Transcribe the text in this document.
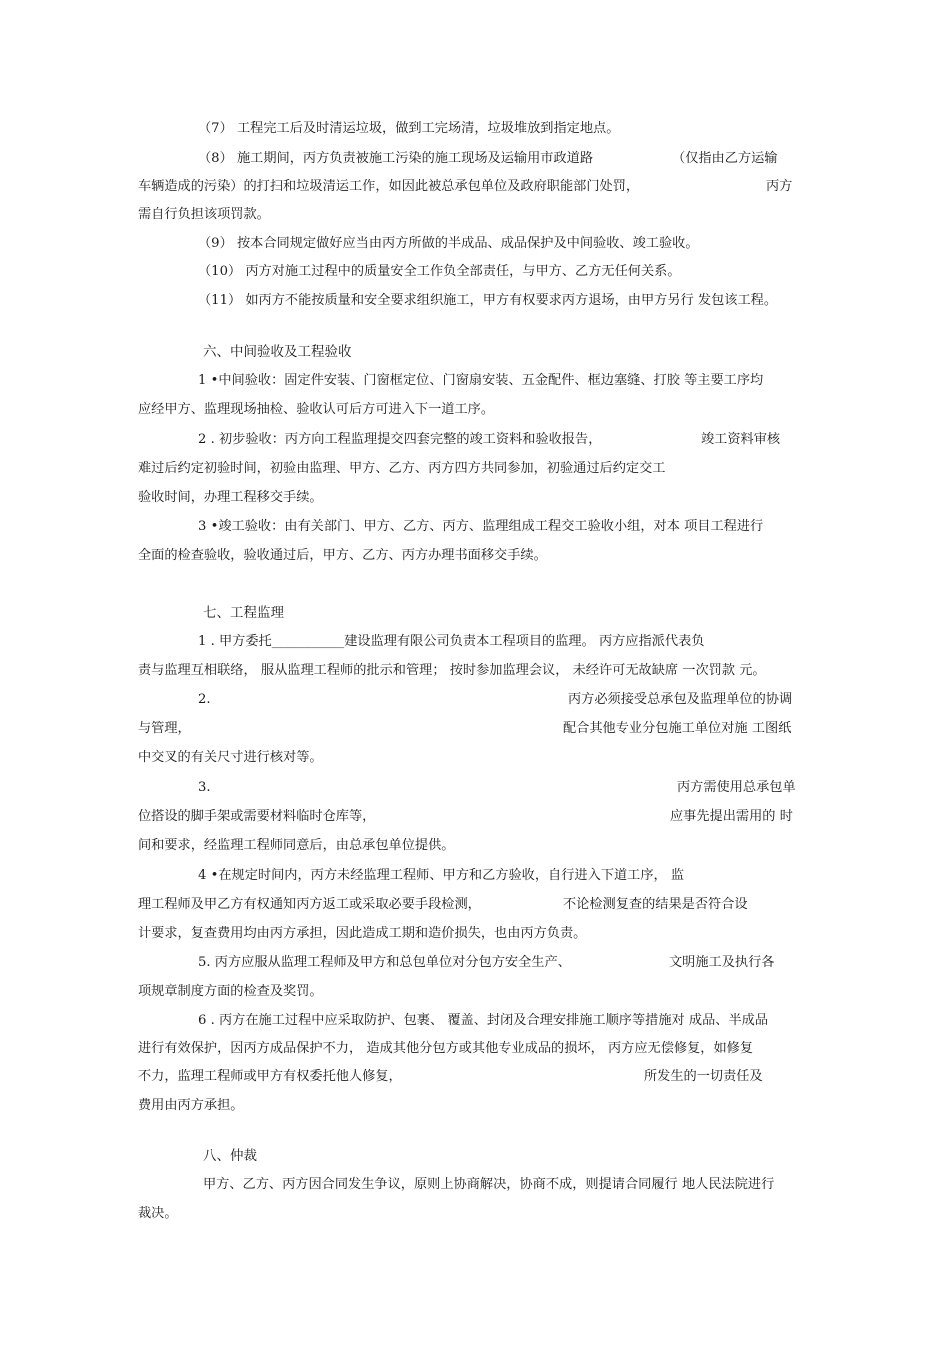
（7） 工程完工后及时清运垃圾，做到工完场清，垃圾堆放到指定地点。
（8） 施工期间，丙方负责被施工污染的施工现场及运输用市政道路	（仅指由乙方运输
车辆造成的污染）的打扫和垃圾清运工作，如因此被总承包单位及政府职能部门处罚，	丙方
需自行负担该项罚款。
（9） 按本合同规定做好应当由丙方所做的半成品、成品保护及中间验收、竣工验收。
（10） 丙方对施工过程中的质量安全工作负全部责任，与甲方、乙方无任何关系。
（11） 如丙方不能按质量和安全要求组织施工，甲方有权要求丙方退场，由甲方另行 发包该工程。
六、中间验收及工程验收
1 •中间验收：固定件安装、门窗框定位、门窗扇安装、五金配件、框边塞缝、打胶 等主要工序均
应经甲方、监理现场抽检、验收认可后方可进入下一道工序。
2 . 初步验收：丙方向工程监理提交四套完整的竣工资料和验收报告，	竣工资料审核
难过后约定初验时间，初验由监理、甲方、乙方、丙方四方共同参加，初验通过后约定交工
验收时间，办理工程移交手续。
3 •竣工验收：由有关部门、甲方、乙方、丙方、监理组成工程交工验收小组，对本 项目工程进行
全面的检查验收，验收通过后，甲方、乙方、丙方办理书面移交手续。
七、工程监理
1 . 甲方委托___________建设监理有限公司负责本工程项目的监理。 丙方应指派代表负
责与监理互相联络， 服从监理工程师的批示和管理； 按时参加监理会议， 未经许可无故缺席 一次罚款 元。
2.	丙方必须接受总承包及监理单位的协调
与管理，	配合其他专业分包施工单位对施 工图纸
中交叉的有关尺寸进行核对等。
3.	丙方需使用总承包单
位搭设的脚手架或需要材料临时仓库等，	应事先提出需用的 时
间和要求，经监理工程师同意后，由总承包单位提供。
4 •在规定时间内，丙方未经监理工程师、甲方和乙方验收，自行进入下道工序， 监
理工程师及甲乙方有权通知丙方返工或采取必要手段检测，	不论检测复查的结果是否符合设
计要求，复查费用均由丙方承担，因此造成工期和造价损失，也由丙方负责。
5. 丙方应服从监理工程师及甲方和总包单位对分包方安全生产、	文明施工及执行各
项规章制度方面的检查及奖罚。
6 . 丙方在施工过程中应采取防护、包裹、 覆盖、封闭及合理安排施工顺序等措施对 成品、半成品
进行有效保护，因丙方成品保护不力， 造成其他分包方或其他专业成品的损坏， 丙方应无偿修复，如修复
不力，监理工程师或甲方有权委托他人修复，	所发生的一切责任及
费用由丙方承担。
八、仲裁
甲方、乙方、丙方因合同发生争议，原则上协商解决，协商不成，则提请合同履行 地人民法院进行
裁决。
